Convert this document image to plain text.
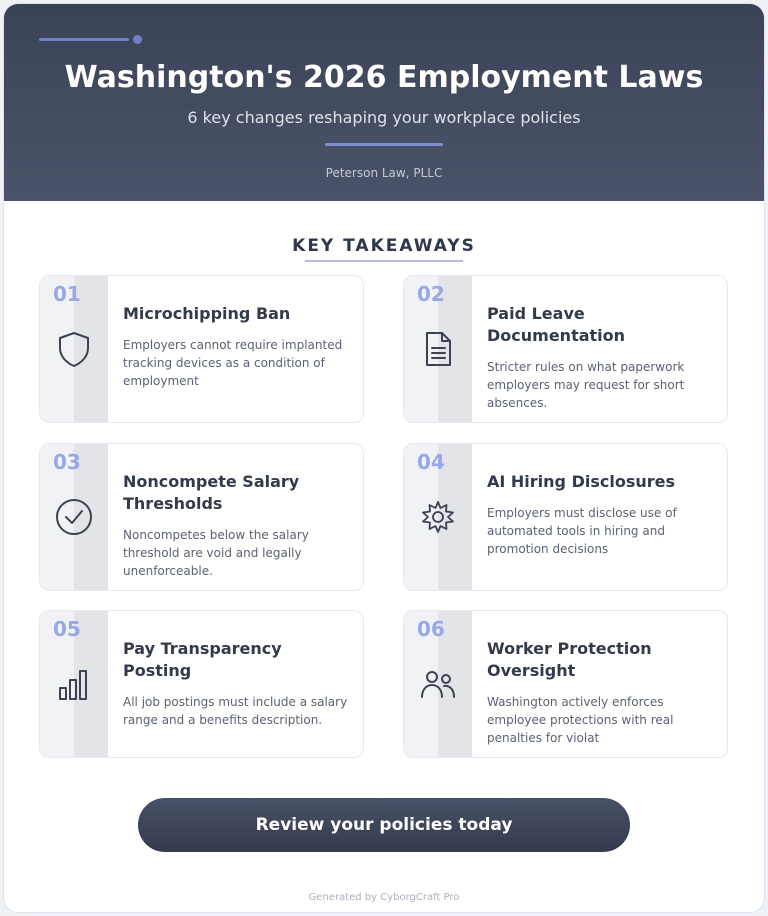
Washington's 2026 Employment Laws
6 key changes reshaping your workplace policies
Peterson Law, PLLC
KEY TAKEAWAYS
01
Microchipping Ban
Employers cannot require implanted tracking devices as a condition of employment
02
Paid Leave Documentation
Stricter rules on what paperwork employers may request for short absences.
03
Noncompete Salary Thresholds
Noncompetes below the salary threshold are void and legally unenforceable.
04
AI Hiring Disclosures
Employers must disclose use of automated tools in hiring and promotion decisions
05
Pay Transparency Posting
All job postings must include a salary range and a benefits description.
06
Worker Protection Oversight
Washington actively enforces employee protections with real penalties for violat
Review your policies today
Generated by CyborgCraft Pro
